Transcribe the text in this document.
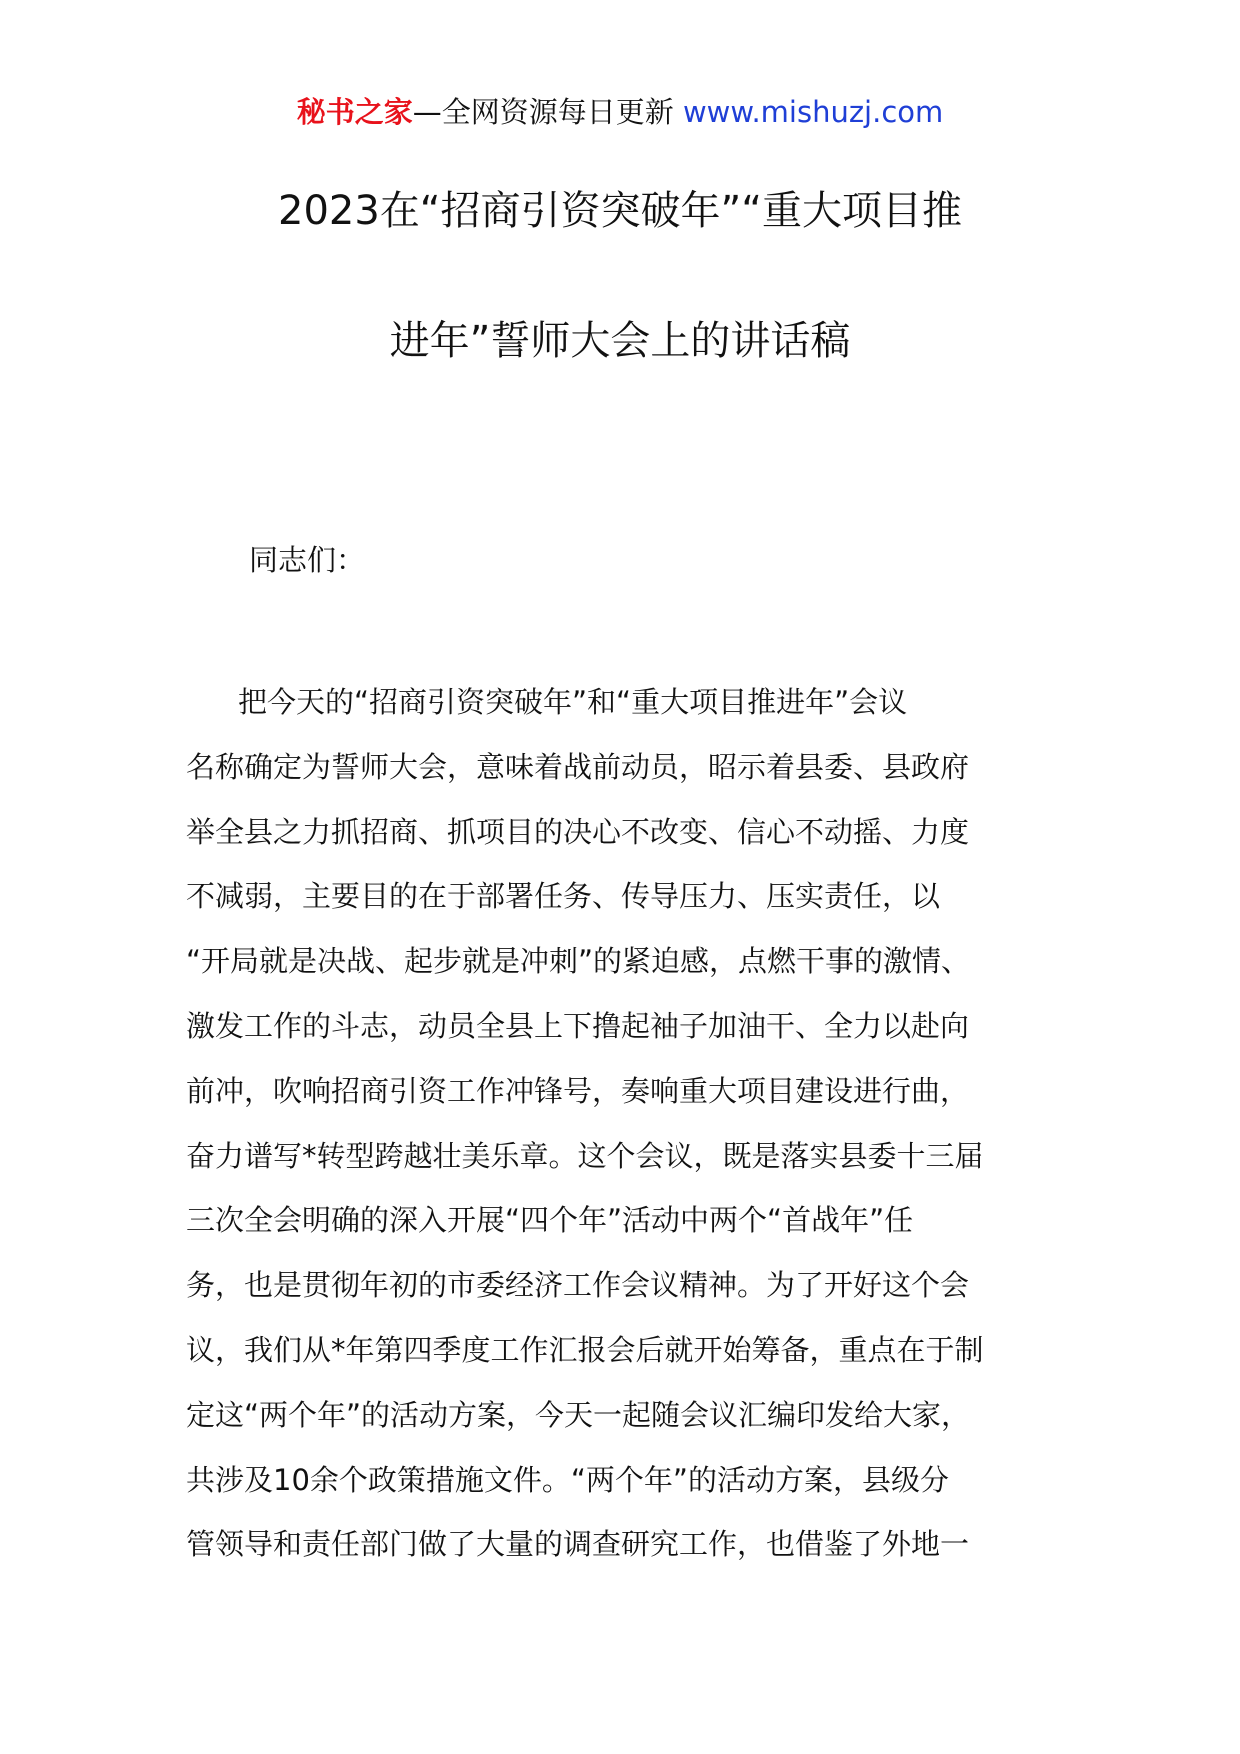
秘书之家—全网资源每日更新 www.mishuzj.com
2023在“招商引资突破年”“重大项目推
进年”誓师大会上的讲话稿
同志们：
　　把今天的“招商引资突破年”和“重大项目推进年”会议
名称确定为誓师大会，意味着战前动员，昭示着县委、县政府
举全县之力抓招商、抓项目的决心不改变、信心不动摇、力度
不减弱，主要目的在于部署任务、传导压力、压实责任，以
“开局就是决战、起步就是冲刺”的紧迫感，点燃干事的激情、
激发工作的斗志，动员全县上下撸起袖子加油干、全力以赴向
前冲，吹响招商引资工作冲锋号，奏响重大项目建设进行曲，
奋力谱写*转型跨越壮美乐章。这个会议，既是落实县委十三届
三次全会明确的深入开展“四个年”活动中两个“首战年”任
务，也是贯彻年初的市委经济工作会议精神。为了开好这个会
议，我们从*年第四季度工作汇报会后就开始筹备，重点在于制
定这“两个年”的活动方案，今天一起随会议汇编印发给大家，
共涉及10余个政策措施文件。“两个年”的活动方案，县级分
管领导和责任部门做了大量的调查研究工作，也借鉴了外地一
